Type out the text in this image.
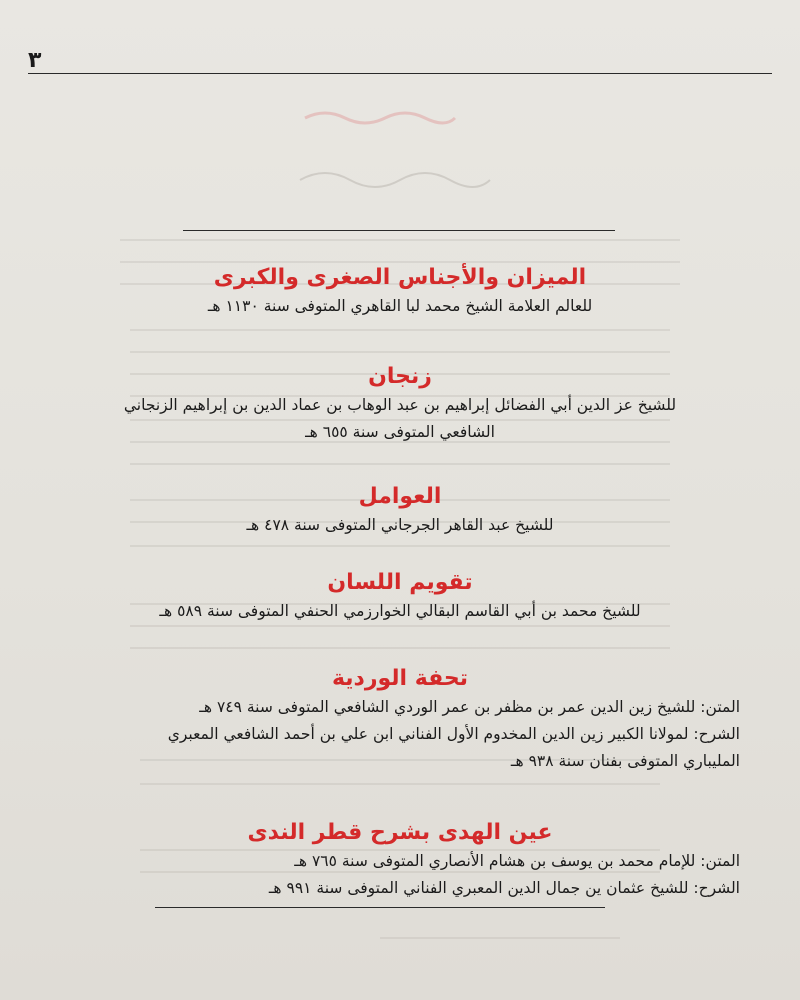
٣
الميزان والأجناس الصغرى والكبرى
للعالم العلامة الشيخ محمد لبا القاهري المتوفى سنة ١١٣٠ هـ
زنجان
للشيخ عز الدين أبي الفضائل إبراهيم بن عبد الوهاب بن عماد الدين بن إبراهيم الزنجاني
الشافعي المتوفى سنة ٦٥٥ هـ
العوامل
للشيخ عبد القاهر الجرجاني المتوفى سنة ٤٧٨ هـ
تقويم اللسان
للشيخ محمد بن أبي القاسم البقالي الخوارزمي الحنفي المتوفى سنة ٥٨٩ هـ
تحفة الوردية
المتن: للشيخ زين الدين عمر بن مظفر بن عمر الوردي الشافعي المتوفى سنة ٧٤٩ هـ
الشرح: لمولانا الكبير زين الدين المخدوم الأول الفناني ابن علي بن أحمد الشافعي المعبري
المليباري المتوفى بفنان سنة ٩٣٨ هـ
عين الهدى بشرح قطر الندى
المتن: للإمام محمد بن يوسف بن هشام الأنصاري المتوفى سنة ٧٦٥ هـ
الشرح: للشيخ عثمان ين جمال الدين المعبري الفناني المتوفى سنة ٩٩١ هـ
